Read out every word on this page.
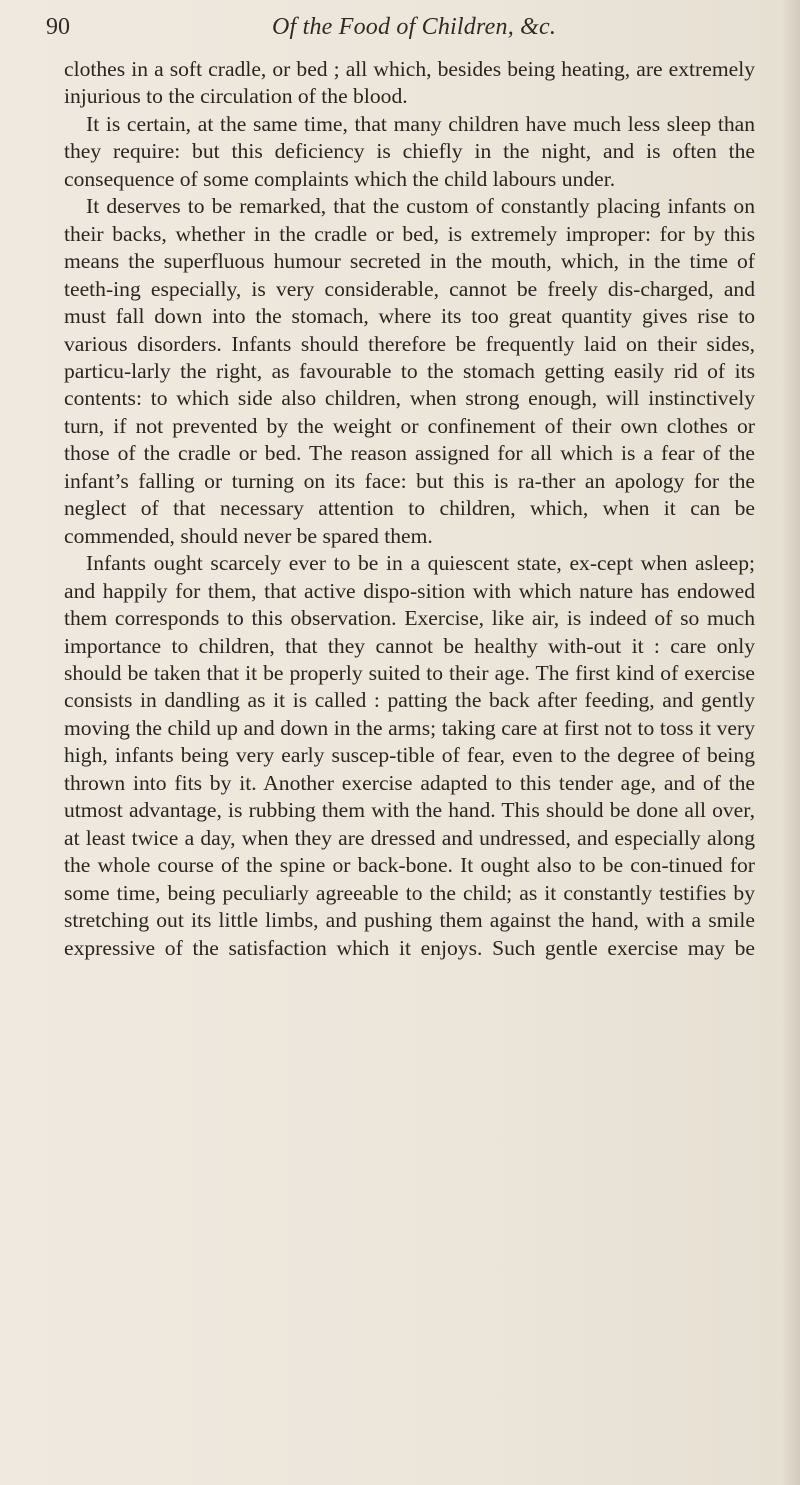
90	Of the Food of Children, &c.

clothes in a soft cradle, or bed ; all which, besides being heating, are extremely injurious to the circulation of the blood.

It is certain, at the same time, that many children have much less sleep than they require: but this deficiency is chiefly in the night, and is often the consequence of some complaints which the child labours under.

It deserves to be remarked, that the custom of constantly placing infants on their backs, whether in the cradle or bed, is extremely improper: for by this means the superfluous humour secreted in the mouth, which, in the time of teeth-ing especially, is very considerable, cannot be freely dis-charged, and must fall down into the stomach, where its too great quantity gives rise to various disorders. Infants should therefore be frequently laid on their sides, particu-larly the right, as favourable to the stomach getting easily rid of its contents: to which side also children, when strong enough, will instinctively turn, if not prevented by the weight or confinement of their own clothes or those of the cradle or bed. The reason assigned for all which is a fear of the infant’s falling or turning on its face: but this is ra-ther an apology for the neglect of that necessary attention to children, which, when it can be commended, should never be spared them.

Infants ought scarcely ever to be in a quiescent state, ex-cept when asleep; and happily for them, that active dispo-sition with which nature has endowed them corresponds to this observation. Exercise, like air, is indeed of so much importance to children, that they cannot be healthy with-out it : care only should be taken that it be properly suited to their age. The first kind of exercise consists in dandling as it is called : patting the back after feeding, and gently moving the child up and down in the arms; taking care at first not to toss it very high, infants being very early suscep-tible of fear, even to the degree of being thrown into fits by it. Another exercise adapted to this tender age, and of the utmost advantage, is rubbing them with the hand. This should be done all over, at least twice a day, when they are dressed and undressed, and especially along the whole course of the spine or back-bone. It ought also to be con-tinued for some time, being peculiarly agreeable to the child; as it constantly testifies by stretching out its little limbs, and pushing them against the hand, with a smile expressive of the satisfaction which it enjoys. Such gentle exercise may be
